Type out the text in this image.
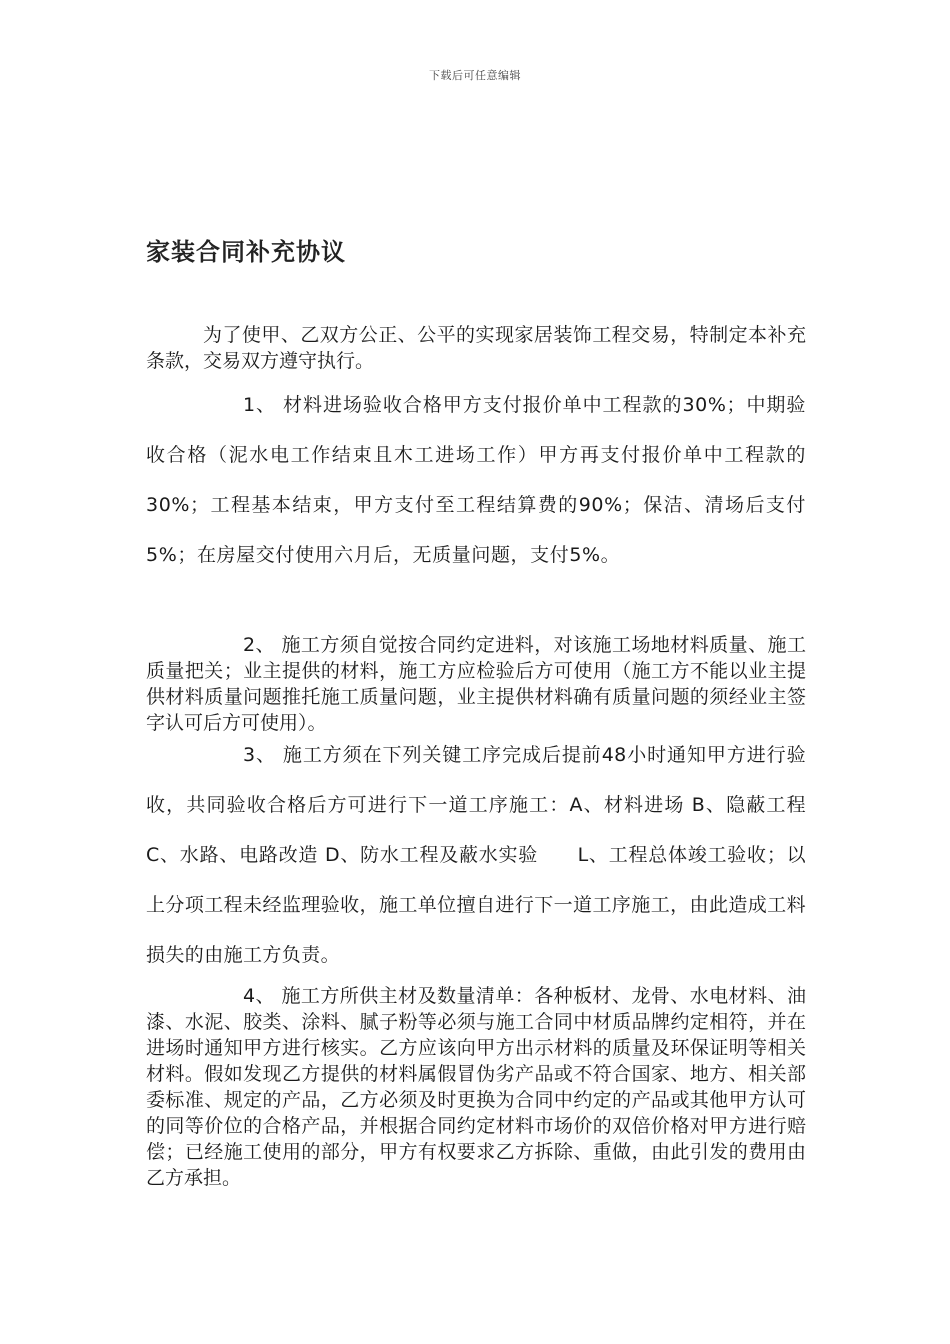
下载后可任意编辑
家装合同补充协议

为了使甲、乙双方公正、公平的实现家居装饰工程交易，特制定本补充条款，交易双方遵守执行。

1、 材料进场验收合格甲方支付报价单中工程款的30%；中期验收合格（泥水电工作结束且木工进场工作）甲方再支付报价单中工程款的30%；工程基本结束，甲方支付至工程结算费的90%；保洁、清场后支付5%；在房屋交付使用六月后，无质量问题，支付5%。

2、 施工方须自觉按合同约定进料，对该施工场地材料质量、施工质量把关；业主提供的材料，施工方应检验后方可使用（施工方不能以业主提供材料质量问题推托施工质量问题，业主提供材料确有质量问题的须经业主签字认可后方可使用）。

3、 施工方须在下列关键工序完成后提前48小时通知甲方进行验收，共同验收合格后方可进行下一道工序施工：A、材料进场 B、隐蔽工程 C、水路、电路改造 D、防水工程及蔽水实验　　L、工程总体竣工验收；以上分项工程未经监理验收，施工单位擅自进行下一道工序施工，由此造成工料损失的由施工方负责。

4、 施工方所供主材及数量清单：各种板材、龙骨、水电材料、油漆、水泥、胶类、涂料、腻子粉等必须与施工合同中材质品牌约定相符，并在进场时通知甲方进行核实。乙方应该向甲方出示材料的质量及环保证明等相关材料。假如发现乙方提供的材料属假冒伪劣产品或不符合国家、地方、相关部委标准、规定的产品，乙方必须及时更换为合同中约定的产品或其他甲方认可的同等价位的合格产品，并根据合同约定材料市场价的双倍价格对甲方进行赔偿；已经施工使用的部分，甲方有权要求乙方拆除、重做，由此引发的费用由乙方承担。
